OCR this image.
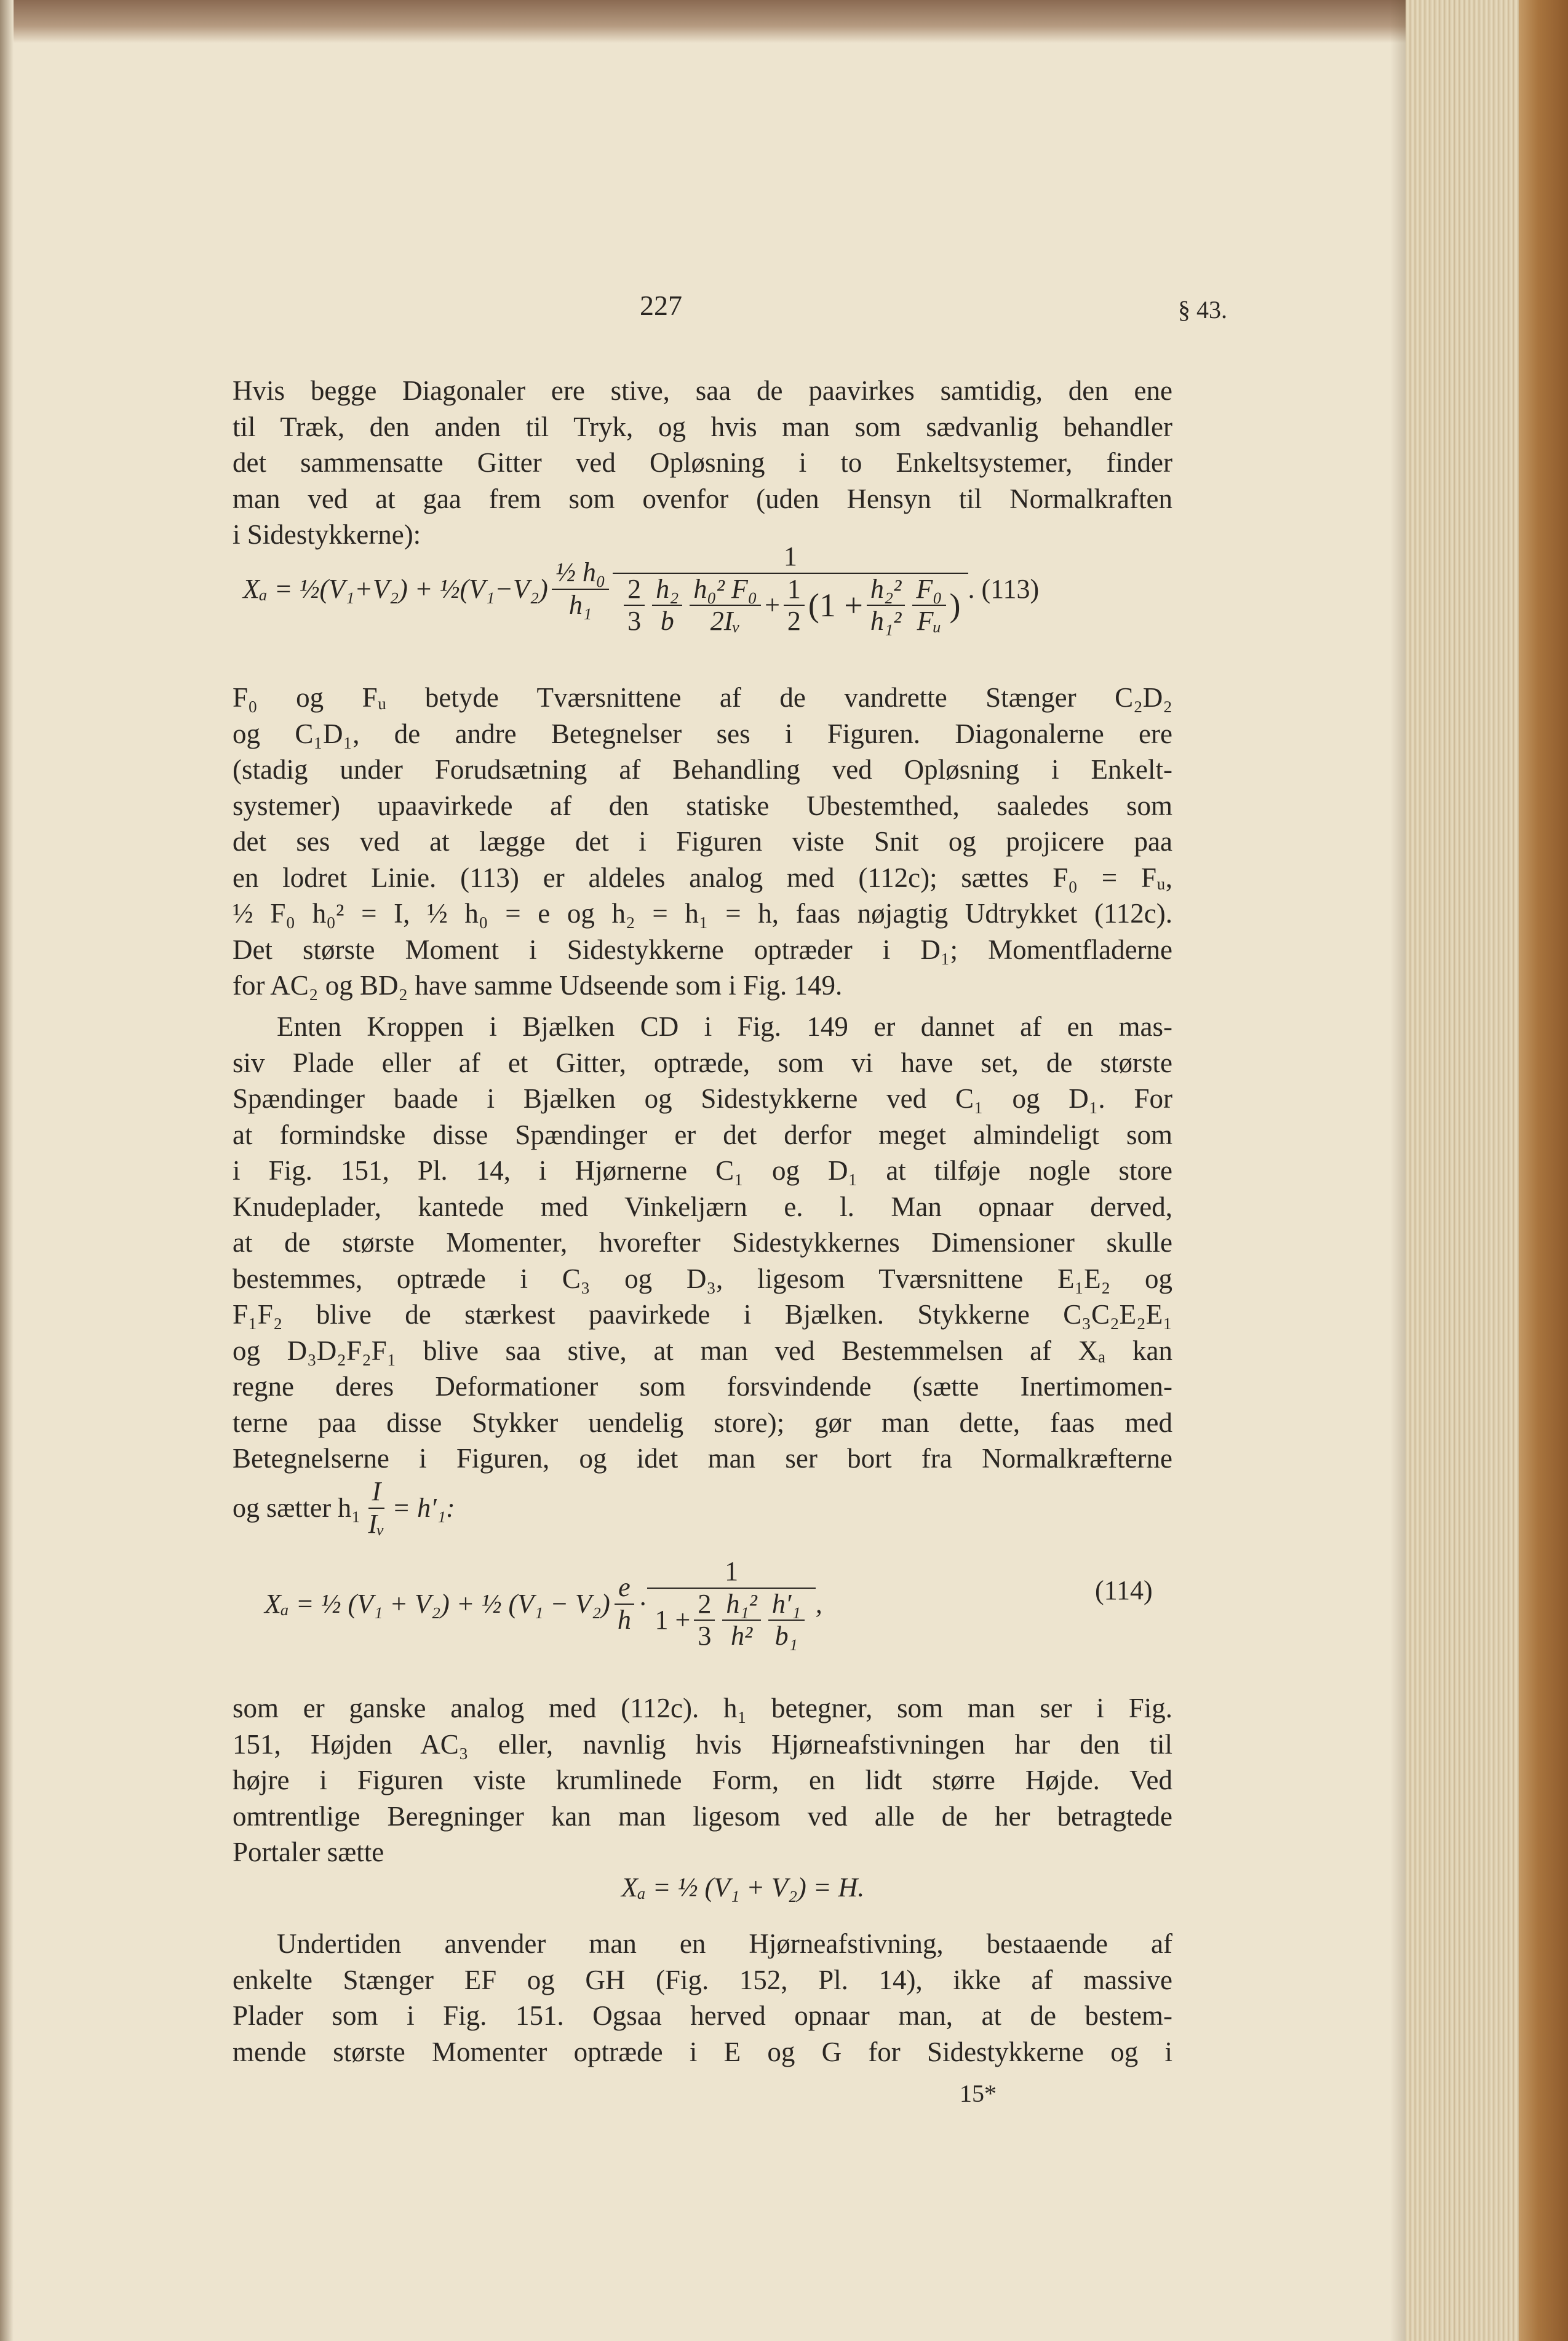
227	§ 43.
Hvis begge Diagonaler ere stive, saa de paavirkes samtidig, den ene
til Træk, den anden til Tryk, og hvis man som sædvanlig behandler
det sammensatte Gitter ved Opløsning i to Enkeltsystemer, finder
man ved at gaa frem som ovenfor (uden Hensyn til Normalkraften
i Sidestykkerne):
Xₐ = ½(V₁+V₂) + ½(V₁−V₂) $\frac{\text{½ h₀}}{\text{h₁}}$
1
$\frac{2}{3} \frac{\text{h₂}}{b} \frac{\text{h₀² F₀}}{\text{2Iᵥ}} + \frac{1}{2} (1 + \frac{\text{h₂²}}{\text{h₁²}} \frac{\text{F₀}}{\text{Fᵤ}}$ ) . (113)
F₀ og Fᵤ betyde Tværsnittene af de vandrette Stænger C₂D₂
og C₁D₁, de andre Betegnelser ses i Figuren. Diagonalerne ere
(stadig under Forudsætning af Behandling ved Opløsning i Enkelt-
systemer) upaavirkede af den statiske Ubestemthed, saaledes som
det ses ved at lægge det i Figuren viste Snit og projicere paa
en lodret Linie. (113) er aldeles analog med (112c); sættes F₀ = Fᵤ,
½ F₀ h₀² = I, ½ h₀ = e og h₂ = h₁ = h, faas nøjagtig Udtrykket (112c).
Det største Moment i Sidestykkerne optræder i D₁; Momentfladerne
for AC₂ og BD₂ have samme Udseende som i Fig. 149.
Enten Kroppen i Bjælken CD i Fig. 149 er dannet af en mas-
siv Plade eller af et Gitter, optræde, som vi have set, de største
Spændinger baade i Bjælken og Sidestykkerne ved C₁ og D₁. For
at formindske disse Spændinger er det derfor meget almindeligt som
i Fig. 151, Pl. 14, i Hjørnerne C₁ og D₁ at tilføje nogle store
Knudeplader, kantede med Vinkeljærn e. l. Man opnaar derved,
at de største Momenter, hvorefter Sidestykkernes Dimensioner skulle
bestemmes, optræde i C₃ og D₃, ligesom Tværsnittene E₁E₂ og
F₁F₂ blive de stærkest paavirkede i Bjælken. Stykkerne C₃C₂E₂E₁
og D₃D₂F₂F₁ blive saa stive, at man ved Bestemmelsen af Xₐ kan
regne deres Deformationer som forsvindende (sætte Inertimomen-
terne paa disse Stykker uendelig store); gør man dette, faas med
Betegnelserne i Figuren, og idet man ser bort fra Normalkræfterne
og sætter $h_1 \frac{I}{\text{Iᵥ}} = h'_1$:
Xₐ = ½ (V₁ + V₂) + ½ $(V_1 - V_2) \frac{e}{h} \cdot \frac{1}{1 + \frac{2}{3} \frac{\text{h₁²}}{\text{h²}} \frac{\text{h′₁}}{\text{b₁}}}$ ,	(114)
som er ganske analog med (112c). h₁ betegner, som man ser i Fig.
151, Højden AC₃ eller, navnlig hvis Hjørneafstivningen har den til
højre i Figuren viste krumlinede Form, en lidt større Højde. Ved
omtrentlige Beregninger kan man ligesom ved alle de her betragtede
Portaler sætte
Xₐ = ½ (V₁ + V₂) = H.
Undertiden anvender man en Hjørneafstivning, bestaaende af
enkelte Stænger EF og GH (Fig. 152, Pl. 14), ikke af massive
Plader som i Fig. 151. Ogsaa herved opnaar man, at de bestem-
mende største Momenter optræde i E og G for Sidestykkerne og i
15*
